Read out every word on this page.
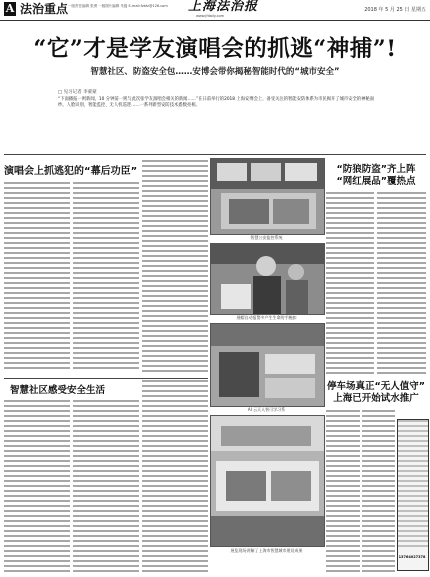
A 法治重点 一版责任编辑 张勇 一版图片编辑 朱磊 E-mail:fzbfz@126.com	上海法治报
www.jfdaily.com
2018 年 5 月 25 日 星期五
“它”才是学友演唱会的抓逃“神捕”!
智慧社区、防盗安全包……安博会带你揭秘智能时代的“城市安全”
□ 见习记者 李蒙蒙
“下面播报一则新闻，10 分钟前一则与此次张学友演唱会相关的新闻……”在日前举行的2018 上海安博会上，备受关注的智能安防体系为市民揭开了城市安全的神秘面纱。人脸识别、智能监控、无人机巡逻……一系列新型安防技术悉数亮相。
演唱会上抓逃犯的“幕后功臣”
智慧公安监控系统
展帽自动报警多产生生命的手腕扣
“防狼防盗”齐上阵
“网红展品”覆热点
智慧社区感受安全生活
AI 云天人智可学习系
展览现场讲解了上海市智慧城市建设成果
停车场真正“无人值守”
上海已开始试水推广
13764027378
